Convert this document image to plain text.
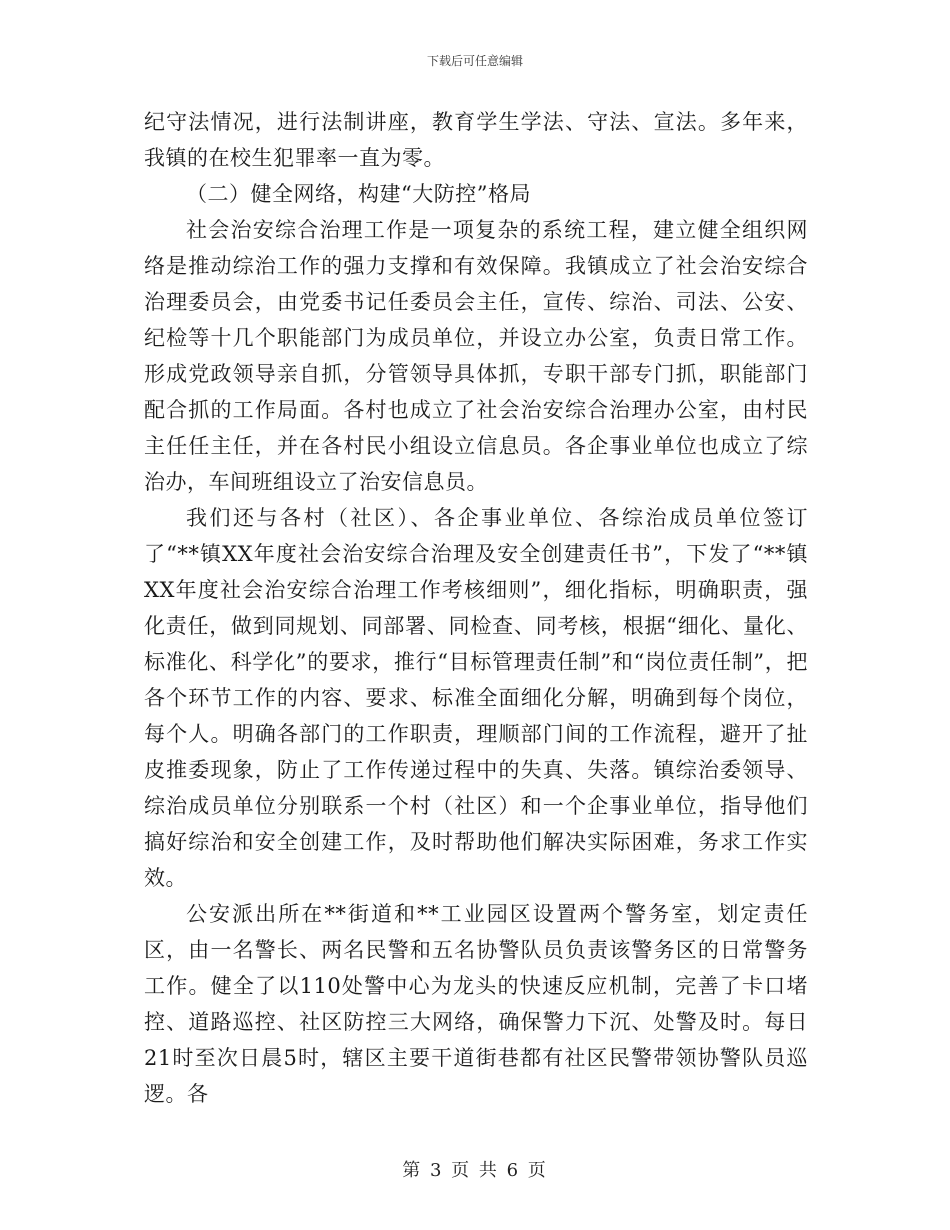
下载后可任意编辑

纪守法情况，进行法制讲座，教育学生学法、守法、宣法。多年来，我镇的在校生犯罪率一直为零。

（二）健全网络，构建“大防控”格局

社会治安综合治理工作是一项复杂的系统工程，建立健全组织网络是推动综治工作的强力支撑和有效保障。我镇成立了社会治安综合治理委员会，由党委书记任委员会主任，宣传、综治、司法、公安、纪检等十几个职能部门为成员单位，并设立办公室，负责日常工作。形成党政领导亲自抓，分管领导具体抓，专职干部专门抓，职能部门配合抓的工作局面。各村也成立了社会治安综合治理办公室，由村民主任任主任，并在各村民小组设立信息员。各企事业单位也成立了综治办，车间班组设立了治安信息员。

我们还与各村（社区）、各企事业单位、各综治成员单位签订了“**镇XX年度社会治安综合治理及安全创建责任书”，下发了“**镇XX年度社会治安综合治理工作考核细则”，细化指标，明确职责，强化责任，做到同规划、同部署、同检查、同考核，根据“细化、量化、标准化、科学化”的要求，推行“目标管理责任制”和“岗位责任制”，把各个环节工作的内容、要求、标准全面细化分解，明确到每个岗位，每个人。明确各部门的工作职责，理顺部门间的工作流程，避开了扯皮推委现象，防止了工作传递过程中的失真、失落。镇综治委领导、综治成员单位分别联系一个村（社区）和一个企事业单位，指导他们搞好综治和安全创建工作，及时帮助他们解决实际困难，务求工作实效。

公安派出所在**街道和**工业园区设置两个警务室，划定责任区，由一名警长、两名民警和五名协警队员负责该警务区的日常警务工作。健全了以110处警中心为龙头的快速反应机制，完善了卡口堵控、道路巡控、社区防控三大网络，确保警力下沉、处警及时。每日21时至次日晨5时，辖区主要干道街巷都有社区民警带领协警队员巡逻。各

第 3 页 共 6 页
